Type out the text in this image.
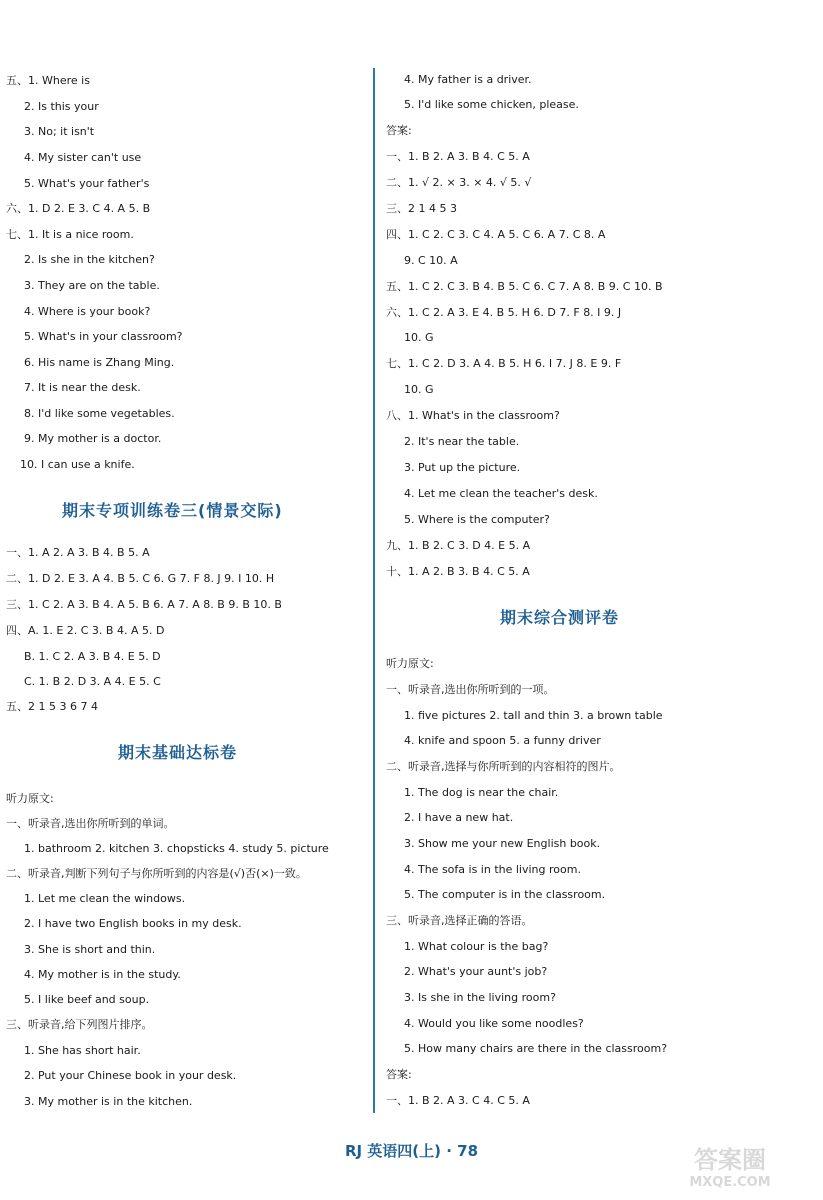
五、1. Where is
2. Is this your
3. No; it isn't
4. My sister can't use
5. What's your father's
六、1. D 2. E 3. C 4. A 5. B
七、1. It is a nice room.
2. Is she in the kitchen?
3. They are on the table.
4. Where is your book?
5. What's in your classroom?
6. His name is Zhang Ming.
7. It is near the desk.
8. I'd like some vegetables.
9. My mother is a doctor.
10. I can use a knife.
期末专项训练卷三(情景交际)
一、1. A 2. A 3. B 4. B 5. A
二、1. D 2. E 3. A 4. B 5. C 6. G 7. F 8. J 9. I 10. H
三、1. C 2. A 3. B 4. A 5. B 6. A 7. A 8. B 9. B 10. B
四、A. 1. E 2. C 3. B 4. A 5. D
B. 1. C 2. A 3. B 4. E 5. D
C. 1. B 2. D 3. A 4. E 5. C
五、2 1 5 3 6 7 4
期末基础达标卷
听力原文:
一、听录音,选出你所听到的单词。
1. bathroom 2. kitchen 3. chopsticks 4. study 5. picture
二、听录音,判断下列句子与你所听到的内容是(√)否(×)一致。
1. Let me clean the windows.
2. I have two English books in my desk.
3. She is short and thin.
4. My mother is in the study.
5. I like beef and soup.
三、听录音,给下列图片排序。
1. She has short hair.
2. Put your Chinese book in your desk.
3. My mother is in the kitchen.
4. My father is a driver.
5. I'd like some chicken, please.
答案:
一、1. B 2. A 3. B 4. C 5. A
二、1. √ 2. × 3. × 4. √ 5. √
三、2 1 4 5 3
四、1. C 2. C 3. C 4. A 5. C 6. A 7. C 8. A
9. C 10. A
五、1. C 2. C 3. B 4. B 5. C 6. C 7. A 8. B 9. C 10. B
六、1. C 2. A 3. E 4. B 5. H 6. D 7. F 8. I 9. J
10. G
七、1. C 2. D 3. A 4. B 5. H 6. I 7. J 8. E 9. F
10. G
八、1. What's in the classroom?
2. It's near the table.
3. Put up the picture.
4. Let me clean the teacher's desk.
5. Where is the computer?
九、1. B 2. C 3. D 4. E 5. A
十、1. A 2. B 3. B 4. C 5. A
期末综合测评卷
听力原文:
一、听录音,选出你所听到的一项。
1. five pictures 2. tall and thin 3. a brown table
4. knife and spoon 5. a funny driver
二、听录音,选择与你所听到的内容相符的图片。
1. The dog is near the chair.
2. I have a new hat.
3. Show me your new English book.
4. The sofa is in the living room.
5. The computer is in the classroom.
三、听录音,选择正确的答语。
1. What colour is the bag?
2. What's your aunt's job?
3. Is she in the living room?
4. Would you like some noodles?
5. How many chairs are there in the classroom?
答案:
一、1. B 2. A 3. C 4. C 5. A
RJ 英语四(上) · 78	答案圈
MXQE.COM
